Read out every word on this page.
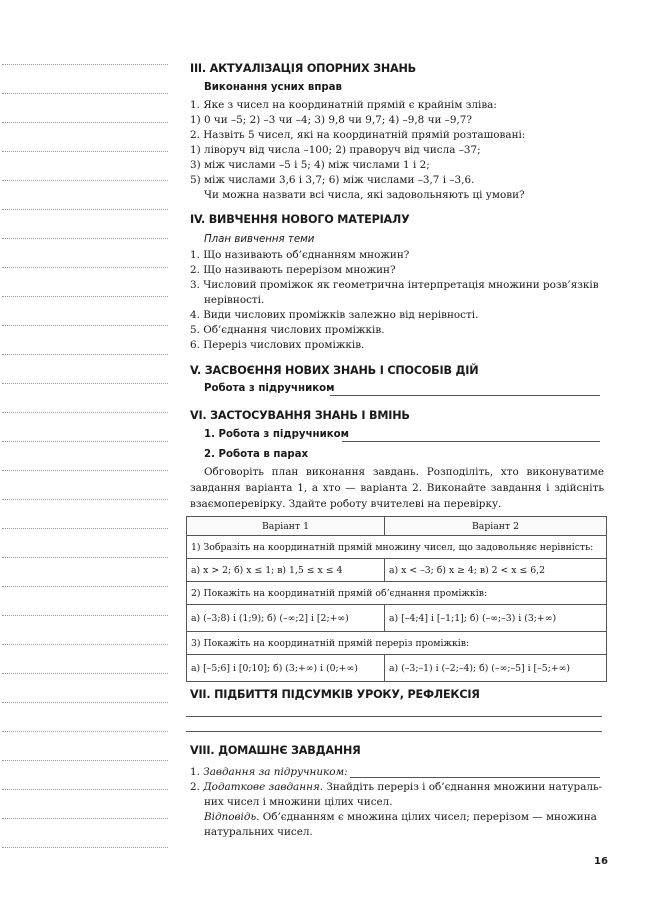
III. АКТУАЛІЗАЦІЯ ОПОРНИХ ЗНАНЬ
Виконання усних вправ
1. Яке з чисел на координатній прямій є крайнім зліва:
1) 0 чи –5; 2) –3 чи –4; 3) 9,8 чи 9,7; 4) –9,8 чи –9,7?
2. Назвіть 5 чисел, які на координатній прямій розташовані:
1) ліворуч від числа –100; 2) праворуч від числа –37;
3) між числами –5 і 5; 4) між числами 1 і 2;
5) між числами 3,6 і 3,7; 6) між числами –3,7 і –3,6.
Чи можна назвати всі числа, які задовольняють ці умови?
IV. ВИВЧЕННЯ НОВОГО МАТЕРІАЛУ
План вивчення теми
1. Що називають об’єднанням множин?
2. Що називають перерізом множин?
3. Числовий проміжок як геометрична інтерпретація множини розв’язків
нерівності.
4. Види числових проміжків залежно від нерівності.
5. Об’єднання числових проміжків.
6. Переріз числових проміжків.
V. ЗАСВОЄННЯ НОВИХ ЗНАНЬ І СПОСОБІВ ДІЙ
Робота з підручником
VI. ЗАСТОСУВАННЯ ЗНАНЬ І ВМІНЬ
1. Робота з підручником
2. Робота в парах
Обговоріть план виконання завдань. Розподіліть, хто виконуватиме завдання варіанта 1, а хто — варіанта 2. Виконайте завдання і здійсніть взаємоперевірку. Здайте роботу вчителеві на перевірку.
Варіант 1	Варіант 2
1) Зобразіть на координатній прямій множину чисел, що задовольняє нерівність:	
а) x > 2; б) x ≤ 1; в) 1,5 ≤ x ≤ 4	а) x < –3; б) x ≥ 4; в) 2 < x ≤ 6,2
2) Покажіть на координатній прямій об’єднання проміжків:	
а) (–3;8) і (1;9); б) (–∞;2] і [2;+∞)	а) [–4;4] і [–1;1]; б) (–∞;–3) і (3;+∞)
3) Покажіть на координатній прямій переріз проміжків:	
а) [–5;6] і [0;10]; б) (3;+∞) і (0;+∞)	а) (–3;–1) і (–2;–4); б) (–∞;–5] і [–5;+∞)
VII. ПІДБИТТЯ ПІДСУМКІВ УРОКУ, РЕФЛЕКСІЯ
VIII. ДОМАШНЄ ЗАВДАННЯ
1. Завдання за підручником:
2. Додаткове завдання. Знайдіть переріз і об’єднання множини натураль-
них чисел і множини цілих чисел.
Відповідь. Об’єднанням є множина цілих чисел; перерізом — множина
натуральних чисел.
16
